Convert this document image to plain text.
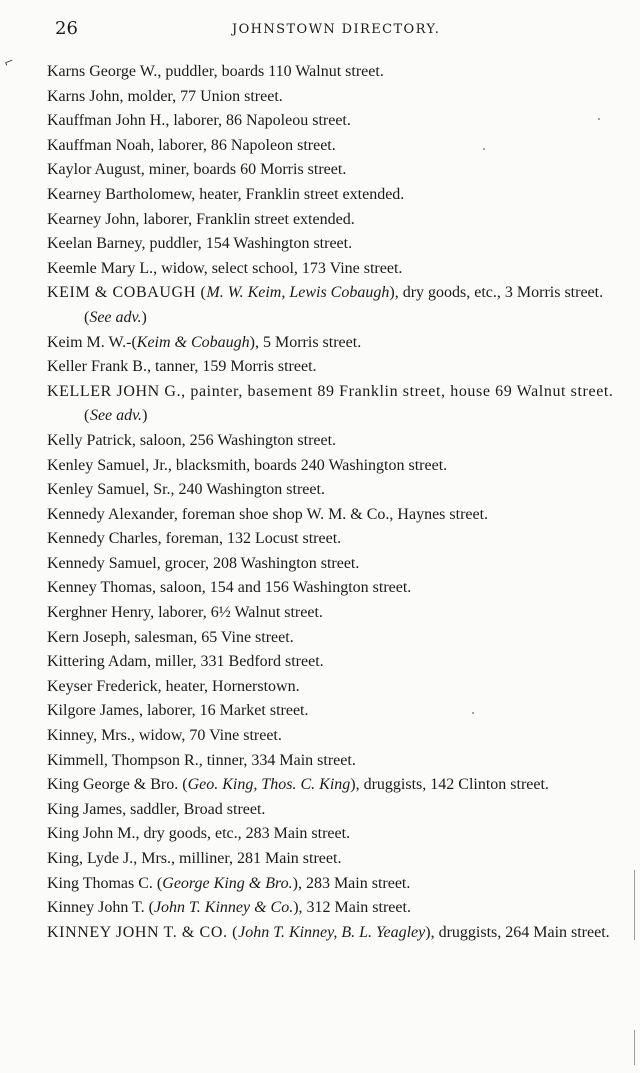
26	JOHNSTOWN DIRECTORY.
⌐
Karns George W., puddler, boards 110 Walnut street.
Karns John, molder, 77 Union street.
Kauffman John H., laborer, 86 Napoleou street.
Kauffman Noah, laborer, 86 Napoleon street.
Kaylor August, miner, boards 60 Morris street.
Kearney Bartholomew, heater, Franklin street extended.
Kearney John, laborer, Franklin street extended.
Keelan Barney, puddler, 154 Washington street.
Keemle Mary L., widow, select school, 173 Vine street.
KEIM & COBAUGH (M. W. Keim, Lewis Cobaugh), dry goods, etc., 3 Morris street. (See adv.)
Keim M. W.-(Keim & Cobaugh), 5 Morris street.
Keller Frank B., tanner, 159 Morris street.
KELLER JOHN G., painter, basement 89 Franklin street, house 69 Walnut street. (See adv.)
Kelly Patrick, saloon, 256 Washington street.
Kenley Samuel, Jr., blacksmith, boards 240 Washington street.
Kenley Samuel, Sr., 240 Washington street.
Kennedy Alexander, foreman shoe shop W. M. & Co., Haynes street.
Kennedy Charles, foreman, 132 Locust street.
Kennedy Samuel, grocer, 208 Washington street.
Kenney Thomas, saloon, 154 and 156 Washington street.
Kerghner Henry, laborer, 6½ Walnut street.
Kern Joseph, salesman, 65 Vine street.
Kittering Adam, miller, 331 Bedford street.
Keyser Frederick, heater, Hornerstown.
Kilgore James, laborer, 16 Market street.
Kinney, Mrs., widow, 70 Vine street.
Kimmell, Thompson R., tinner, 334 Main street.
King George & Bro. (Geo. King, Thos. C. King), druggists, 142 Clinton street.
King James, saddler, Broad street.
King John M., dry goods, etc., 283 Main street.
King, Lyde J., Mrs., milliner, 281 Main street.
King Thomas C. (George King & Bro.), 283 Main street.
Kinney John T. (John T. Kinney & Co.), 312 Main street.
KINNEY JOHN T. & CO. (John T. Kinney, B. L. Yeagley), druggists, 264 Main street.
